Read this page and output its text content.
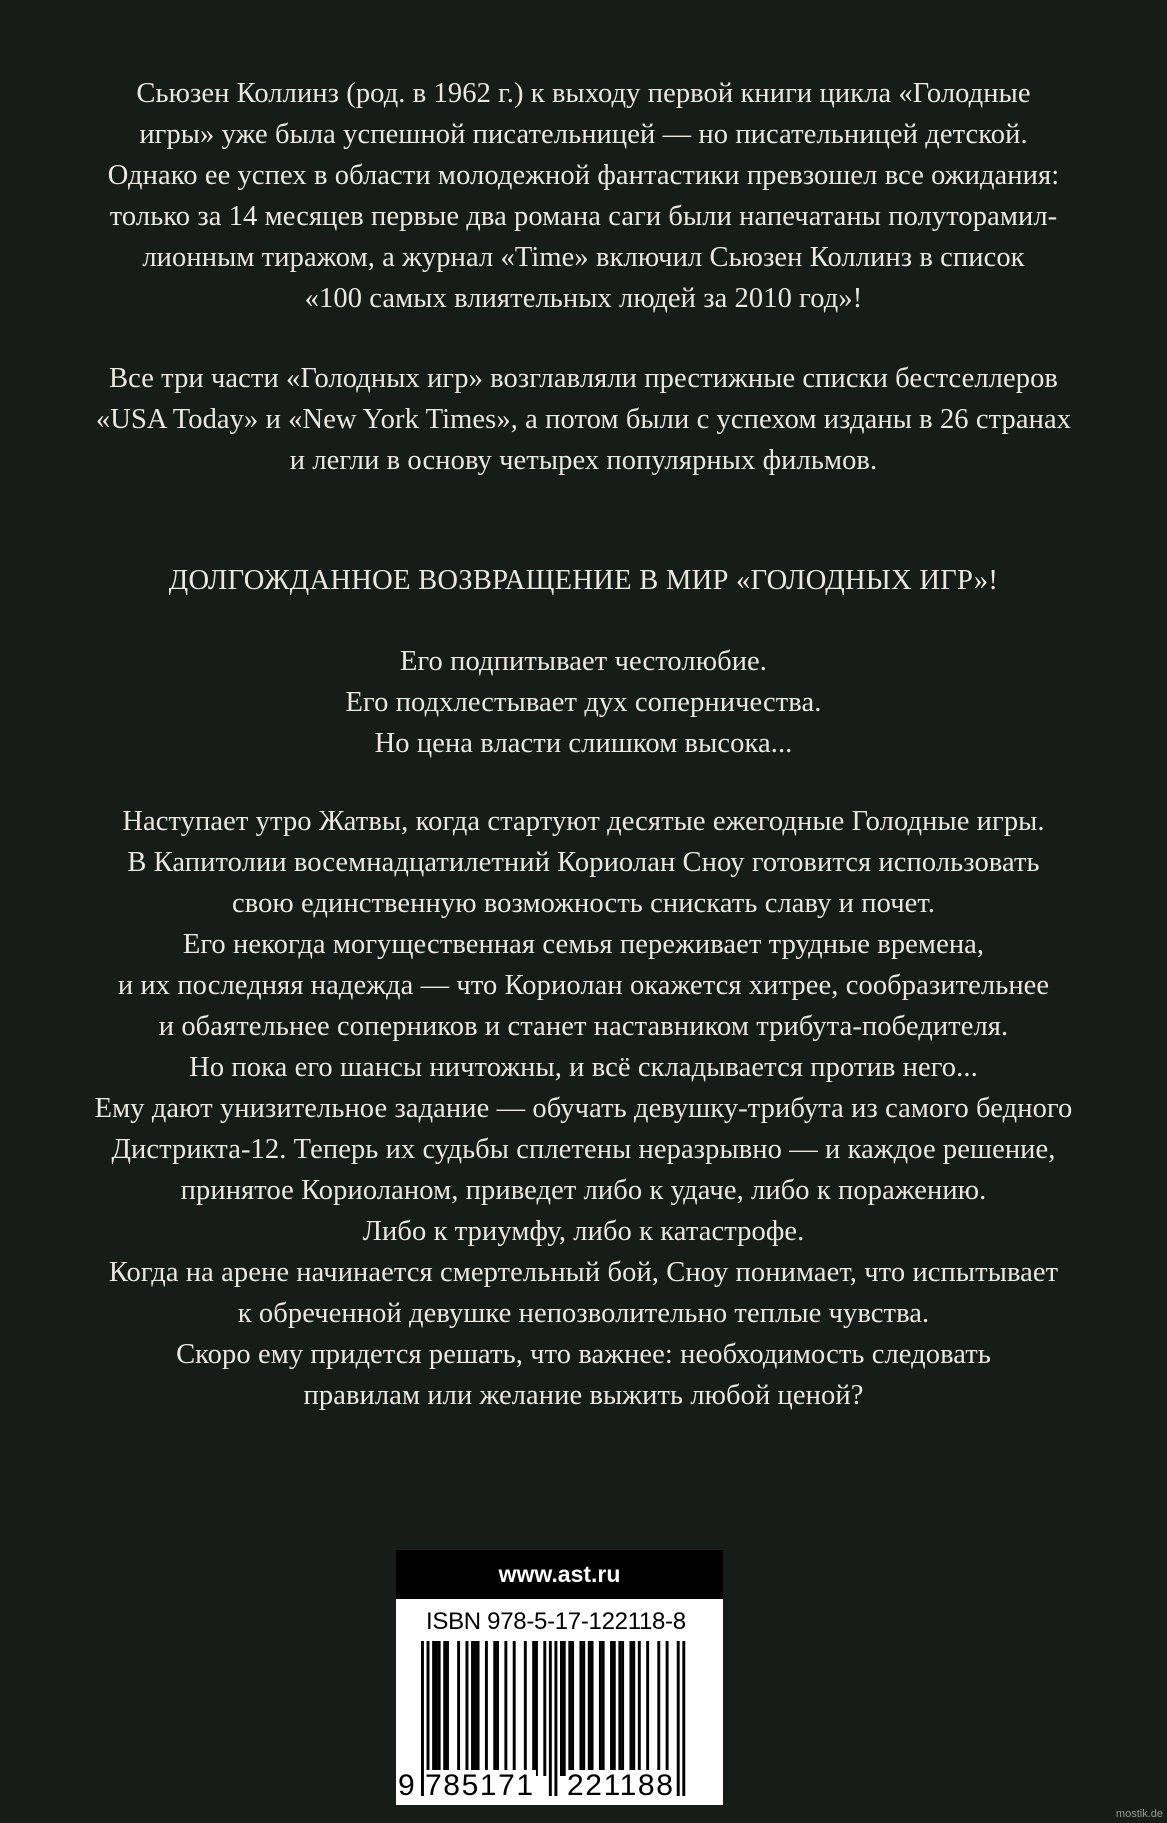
Сьюзен Коллинз (род. в 1962 г.) к выходу первой книги цикла «Голодные
игры» уже была успешной писательницей — но писательницей детской.
Однако ее успех в области молодежной фантастики превзошел все ожидания:
только за 14 месяцев первые два романа саги были напечатаны полуторамил-
лионным тиражом, а журнал «Time» включил Сьюзен Коллинз в список
«100 самых влиятельных людей за 2010 год»!
Все три части «Голодных игр» возглавляли престижные списки бестселлеров
«USA Today» и «New York Times», а потом были с успехом изданы в 26 странах
и легли в основу четырех популярных фильмов.
ДОЛГОЖДАННОЕ ВОЗВРАЩЕНИЕ В МИР «ГОЛОДНЫХ ИГР»!
Его подпитывает честолюбие.
Его подхлестывает дух соперничества.
Но цена власти слишком высока...
Наступает утро Жатвы, когда стартуют десятые ежегодные Голодные игры.
В Капитолии восемнадцатилетний Кориолан Сноу готовится использовать
свою единственную возможность снискать славу и почет.
Его некогда могущественная семья переживает трудные времена,
и их последняя надежда — что Кориолан окажется хитрее, сообразительнее
и обаятельнее соперников и станет наставником трибута-победителя.
Но пока его шансы ничтожны, и всё складывается против него...
Ему дают унизительное задание — обучать девушку-трибута из самого бедного
Дистрикта-12. Теперь их судьбы сплетены неразрывно — и каждое решение,
принятое Кориоланом, приведет либо к удаче, либо к поражению.
Либо к триумфу, либо к катастрофе.
Когда на арене начинается смертельный бой, Сноу понимает, что испытывает
к обреченной девушке непозволительно теплые чувства.
Скоро ему придется решать, что важнее: необходимость следовать
правилам или желание выжить любой ценой?
www.ast.ru
ISBN 978-5-17-122118-8
9 785171 221188
mostik.de
